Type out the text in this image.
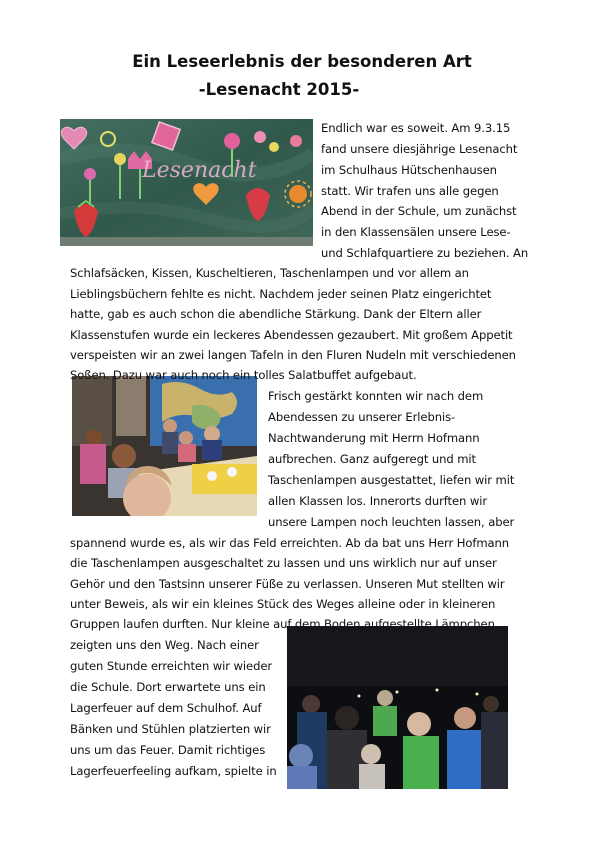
Ein Leseerlebnis der besonderen Art
-Lesenacht 2015-
Lesenacht
Endlich war es soweit. Am 9.3.15
fand unsere diesjährige Lesenacht
im Schulhaus Hütschenhausen
statt. Wir trafen uns alle gegen
Abend in der Schule, um zunächst
in den Klassensälen unsere Lese-
und Schlafquartiere zu beziehen. An
Schlafsäcken, Kissen, Kuscheltieren, Taschenlampen und vor allem an
Lieblingsbüchern fehlte es nicht. Nachdem jeder seinen Platz eingerichtet
hatte, gab es auch schon die abendliche Stärkung. Dank der Eltern aller
Klassenstufen wurde ein leckeres Abendessen gezaubert. Mit großem Appetit
verspeisten wir an zwei langen Tafeln in den Fluren Nudeln mit verschiedenen
Soßen. Dazu war auch noch ein tolles Salatbuffet aufgebaut.
Frisch gestärkt konnten wir nach dem
Abendessen zu unserer Erlebnis-
Nachtwanderung mit Herrn Hofmann
aufbrechen. Ganz aufgeregt und mit
Taschenlampen ausgestattet, liefen wir mit
allen Klassen los. Innerorts durften wir
unsere Lampen noch leuchten lassen, aber
spannend wurde es, als wir das Feld erreichten. Ab da bat uns Herr Hofmann
die Taschenlampen ausgeschaltet zu lassen und uns wirklich nur auf unser
Gehör und den Tastsinn unserer Füße zu verlassen. Unseren Mut stellten wir
unter Beweis, als wir ein kleines Stück des Weges alleine oder in kleineren
Gruppen laufen durften. Nur kleine auf dem Boden aufgestellte Lämpchen
zeigten uns den Weg. Nach einer
guten Stunde erreichten wir wieder
die Schule. Dort erwartete uns ein
Lagerfeuer auf dem Schulhof. Auf
Bänken und Stühlen platzierten wir
uns um das Feuer. Damit richtiges
Lagerfeuerfeeling aufkam, spielte in
